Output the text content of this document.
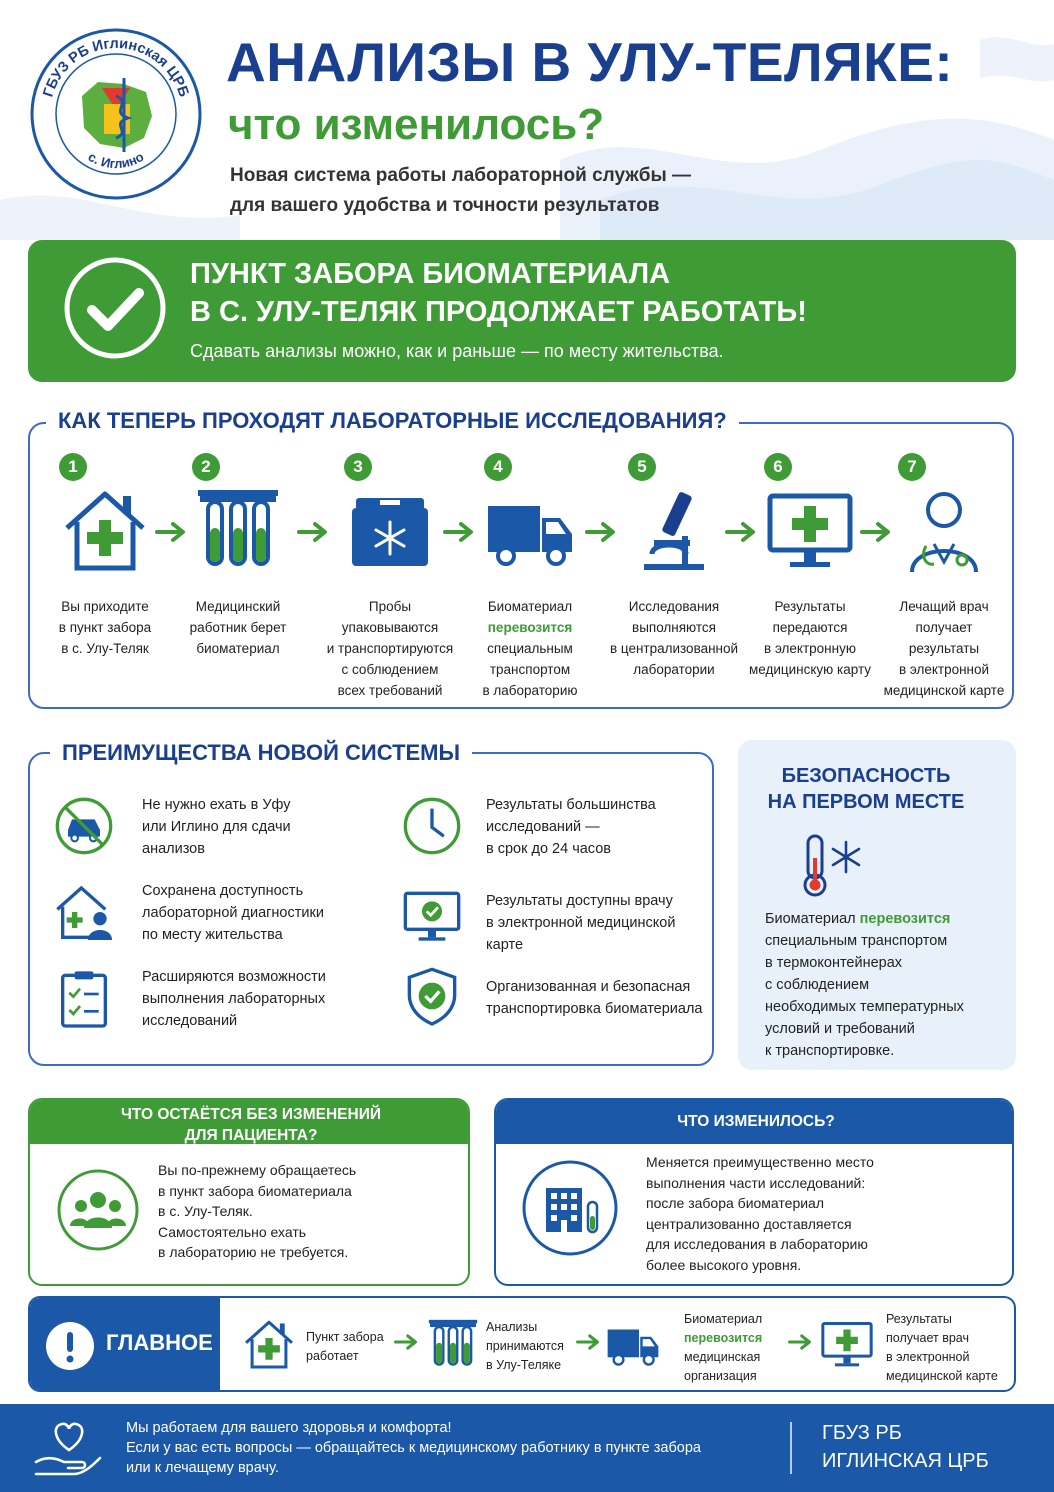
ГБУЗ РБ Иглинская ЦРБ
с. Иглино
АНАЛИЗЫ В УЛУ-ТЕЛЯКЕ:
что изменилось?
Новая система работы лабораторной службы —
для вашего удобства и точности результатов
ПУНКТ ЗАБОРА БИОМАТЕРИАЛА
В С. УЛУ-ТЕЛЯК ПРОДОЛЖАЕТ РАБОТАТЬ!
Сдавать анализы можно, как и раньше — по месту жительства.
КАК ТЕПЕРЬ ПРОХОДЯТ ЛАБОРАТОРНЫЕ ИССЛЕДОВАНИЯ?
1
Вы приходите
в пункт забора
в с. Улу-Теляк
2
Медицинский
работник берет
биоматериал
3
Пробы упаковываются
и транспортируются
с соблюдением
всех требований
4
Биоматериал
перевозится
специальным
транспортом
в лабораторию
5
Исследования
выполняются
в централизованной
лаборатории
6
Результаты
передаются
в электронную
медицинскую карту
7
Лечащий врач
получает
результаты
в электронной
медицинской карте
ПРЕИМУЩЕСТВА НОВОЙ СИСТЕМЫ
Не нужно ехать в Уфу
или Иглино для сдачи
анализов
Результаты большинства
исследований —
в срок до 24 часов
Сохранена доступность
лабораторной диагностики
по месту жительства
Результаты доступны врачу
в электронной медицинской
карте
Расширяются возможности
выполнения лабораторных
исследований
Организованная и безопасная
транспортировка биоматериала
БЕЗОПАСНОСТЬ
НА ПЕРВОМ МЕСТЕ
Биоматериал перевозится
специальным транспортом
в термоконтейнерах
с соблюдением
необходимых температурных
условий и требований
к транспортировке.
ЧТО ОСТАЁТСЯ БЕЗ ИЗМЕНЕНИЙ
ДЛЯ ПАЦИЕНТА?
Вы по-прежнему обращаетесь
в пункт забора биоматериала
в с. Улу-Теляк.
Самостоятельно ехать
в лабораторию не требуется.
ЧТО ИЗМЕНИЛОСЬ?
Меняется преимущественно место
выполнения части исследований:
после забора биоматериал
централизованно доставляется
для исследования в лабораторию
более высокого уровня.
ГЛАВНОЕ	Пункт забора
работает
Анализы
принимаются
в Улу-Теляке
Биоматериал
перевозится
медицинская
организация
Результаты
получает врач
в электронной
медицинской карте
Мы работаем для вашего здоровья и комфорта!
Если у вас есть вопросы — обращайтесь к медицинскому работнику в пункте забора
или к лечащему врачу.
ГБУЗ РБ
ИГЛИНСКАЯ ЦРБ
